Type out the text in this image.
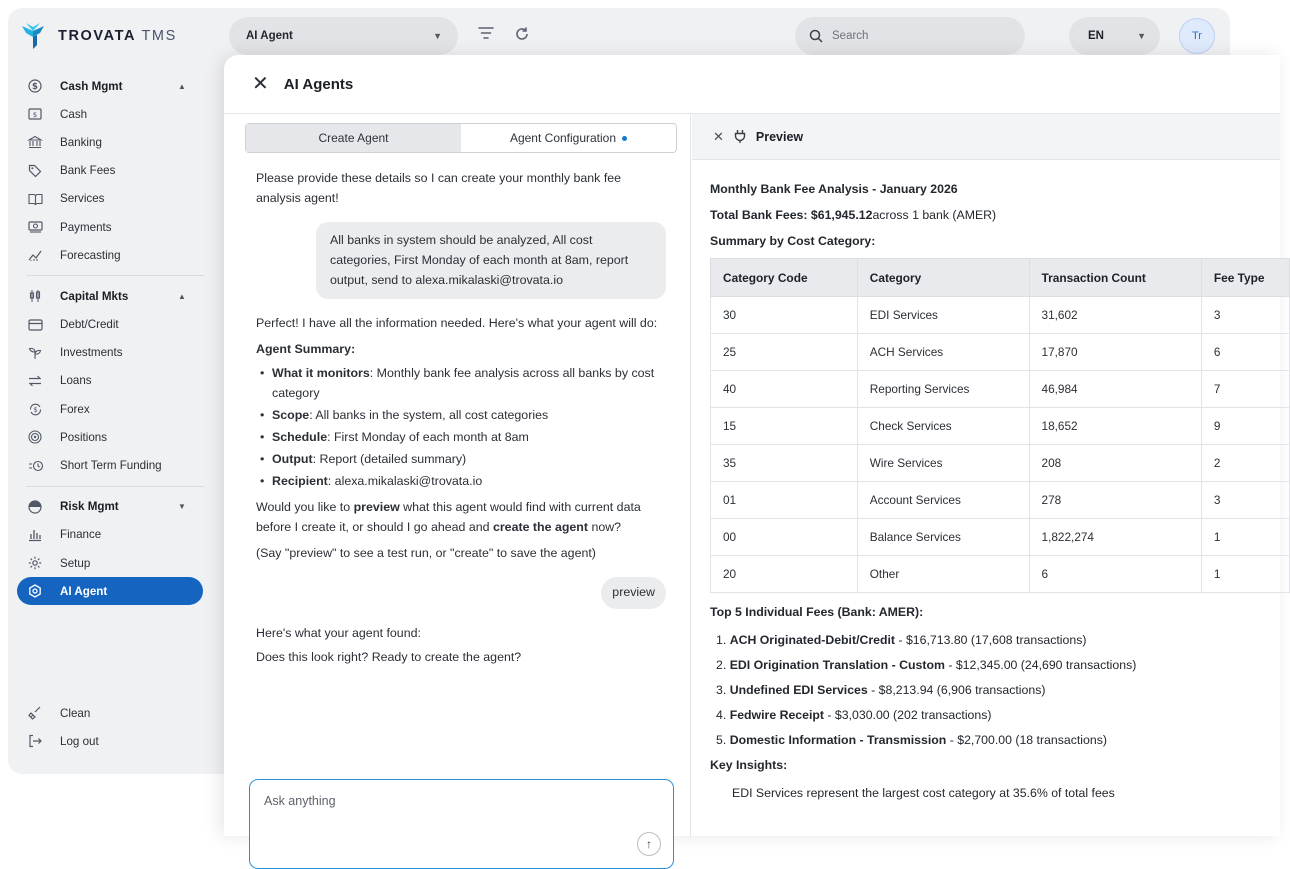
TROVATA TMS	AI Agent	▼	Search	EN	▼	Tr
$ Cash Mgmt	▲
$ Cash
Banking
Bank Fees
Services
Payments
Forecasting
Capital Mkts	▲
Debt/Credit
Investments
Loans
$ Forex
Positions
Short Term Funding
Risk Mgmt	▼
Finance
Setup
AI Agent
Clean
Log out
✕ AI Agents
Create Agent	Agent Configuration

Please provide these details so I can create your monthly bank fee analysis agent!

All banks in system should be analyzed, All cost categories, First Monday of each month at 8am, report output, send to alexa.mikalaski@trovata.io

Perfect! I have all the information needed. Here's what your agent will do:

Agent Summary:

• What it monitors: Monthly bank fee analysis across all banks by cost category
• Scope: All banks in the system, all cost categories
• Schedule: First Monday of each month at 8am
• Output: Report (detailed summary)
• Recipient: alexa.mikalaski@trovata.io

Would you like to preview what this agent would find with current data before I create it, or should I go ahead and create the agent now?

(Say "preview" to see a test run, or "create" to save the agent)

preview

Here's what your agent found:

Does this look right? Ready to create the agent?

Ask anything
↑
✕	Preview
Monthly Bank Fee Analysis - January 2026
Total Bank Fees: $61,945.12 across 1 bank (AMER)
Summary by Cost Category:
Category Code	Category	Transaction Count	Fee Type
30	EDI Services	31,602	3
25	ACH Services	17,870	6
40	Reporting Services	46,984	7
15	Check Services	18,652	9
35	Wire Services	208	2
01	Account Services	278	3
00	Balance Services	1,822,274	1
20	Other	6	1
Top 5 Individual Fees (Bank: AMER):
1.
ACH Originated-Debit/Credit - $16,713.80 (17,608 transactions)
2.
EDI Origination Translation - Custom - $12,345.00 (24,690 transactions)
3.
Undefined EDI Services - $8,213.94 (6,906 transactions)
4.
Fedwire Receipt - $3,030.00 (202 transactions)
5.
Domestic Information - Transmission - $2,700.00 (18 transactions)
Key Insights:
EDI Services represent the largest cost category at 35.6% of total fees
